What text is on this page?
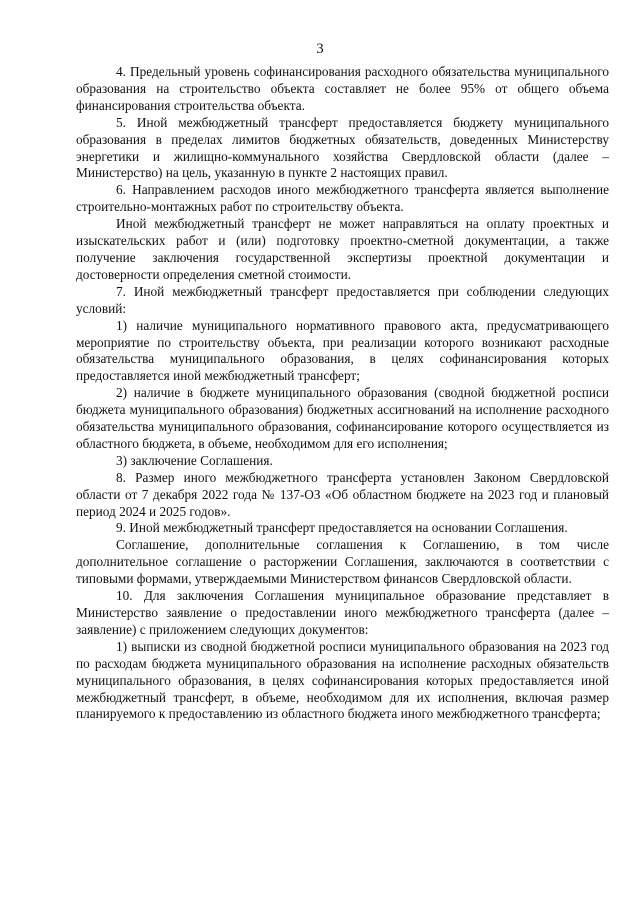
3

4. Предельный уровень софинансирования расходного обязательства муниципального образования на строительство объекта составляет не более 95% от общего объема финансирования строительства объекта.

5. Иной межбюджетный трансферт предоставляется бюджету муниципального образования в пределах лимитов бюджетных обязательств, доведенных Министерству энергетики и жилищно-коммунального хозяйства Свердловской области (далее – Министерство) на цель, указанную в пункте 2 настоящих правил.

6. Направлением расходов иного межбюджетного трансферта является выполнение строительно-монтажных работ по строительству объекта.

Иной межбюджетный трансферт не может направляться на оплату проектных и изыскательских работ и (или) подготовку проектно-сметной документации, а также получение заключения государственной экспертизы проектной документации и достоверности определения сметной стоимости.

7. Иной межбюджетный трансферт предоставляется при соблюдении следующих условий:

1) наличие муниципального нормативного правового акта, предусматривающего мероприятие по строительству объекта, при реализации которого возникают расходные обязательства муниципального образования, в целях софинансирования которых предоставляется иной межбюджетный трансферт;

2) наличие в бюджете муниципального образования (сводной бюджетной росписи бюджета муниципального образования) бюджетных ассигнований на исполнение расходного обязательства муниципального образования, софинансирование которого осуществляется из областного бюджета, в объеме, необходимом для его исполнения;

3) заключение Соглашения.

8. Размер иного межбюджетного трансферта установлен Законом Свердловской области от 7 декабря 2022 года № 137-ОЗ «Об областном бюджете на 2023 год и плановый период 2024 и 2025 годов».

9. Иной межбюджетный трансферт предоставляется на основании Соглашения.

Соглашение, дополнительные соглашения к Соглашению, в том числе дополнительное соглашение о расторжении Соглашения, заключаются в соответствии с типовыми формами, утверждаемыми Министерством финансов Свердловской области.

10. Для заключения Соглашения муниципальное образование представляет в Министерство заявление о предоставлении иного межбюджетного трансферта (далее – заявление) с приложением следующих документов:

1) выписки из сводной бюджетной росписи муниципального образования на 2023 год по расходам бюджета муниципального образования на исполнение расходных обязательств муниципального образования, в целях софинансирования которых предоставляется иной межбюджетный трансферт, в объеме, необходимом для их исполнения, включая размер планируемого к предоставлению из областного бюджета иного межбюджетного трансферта;
